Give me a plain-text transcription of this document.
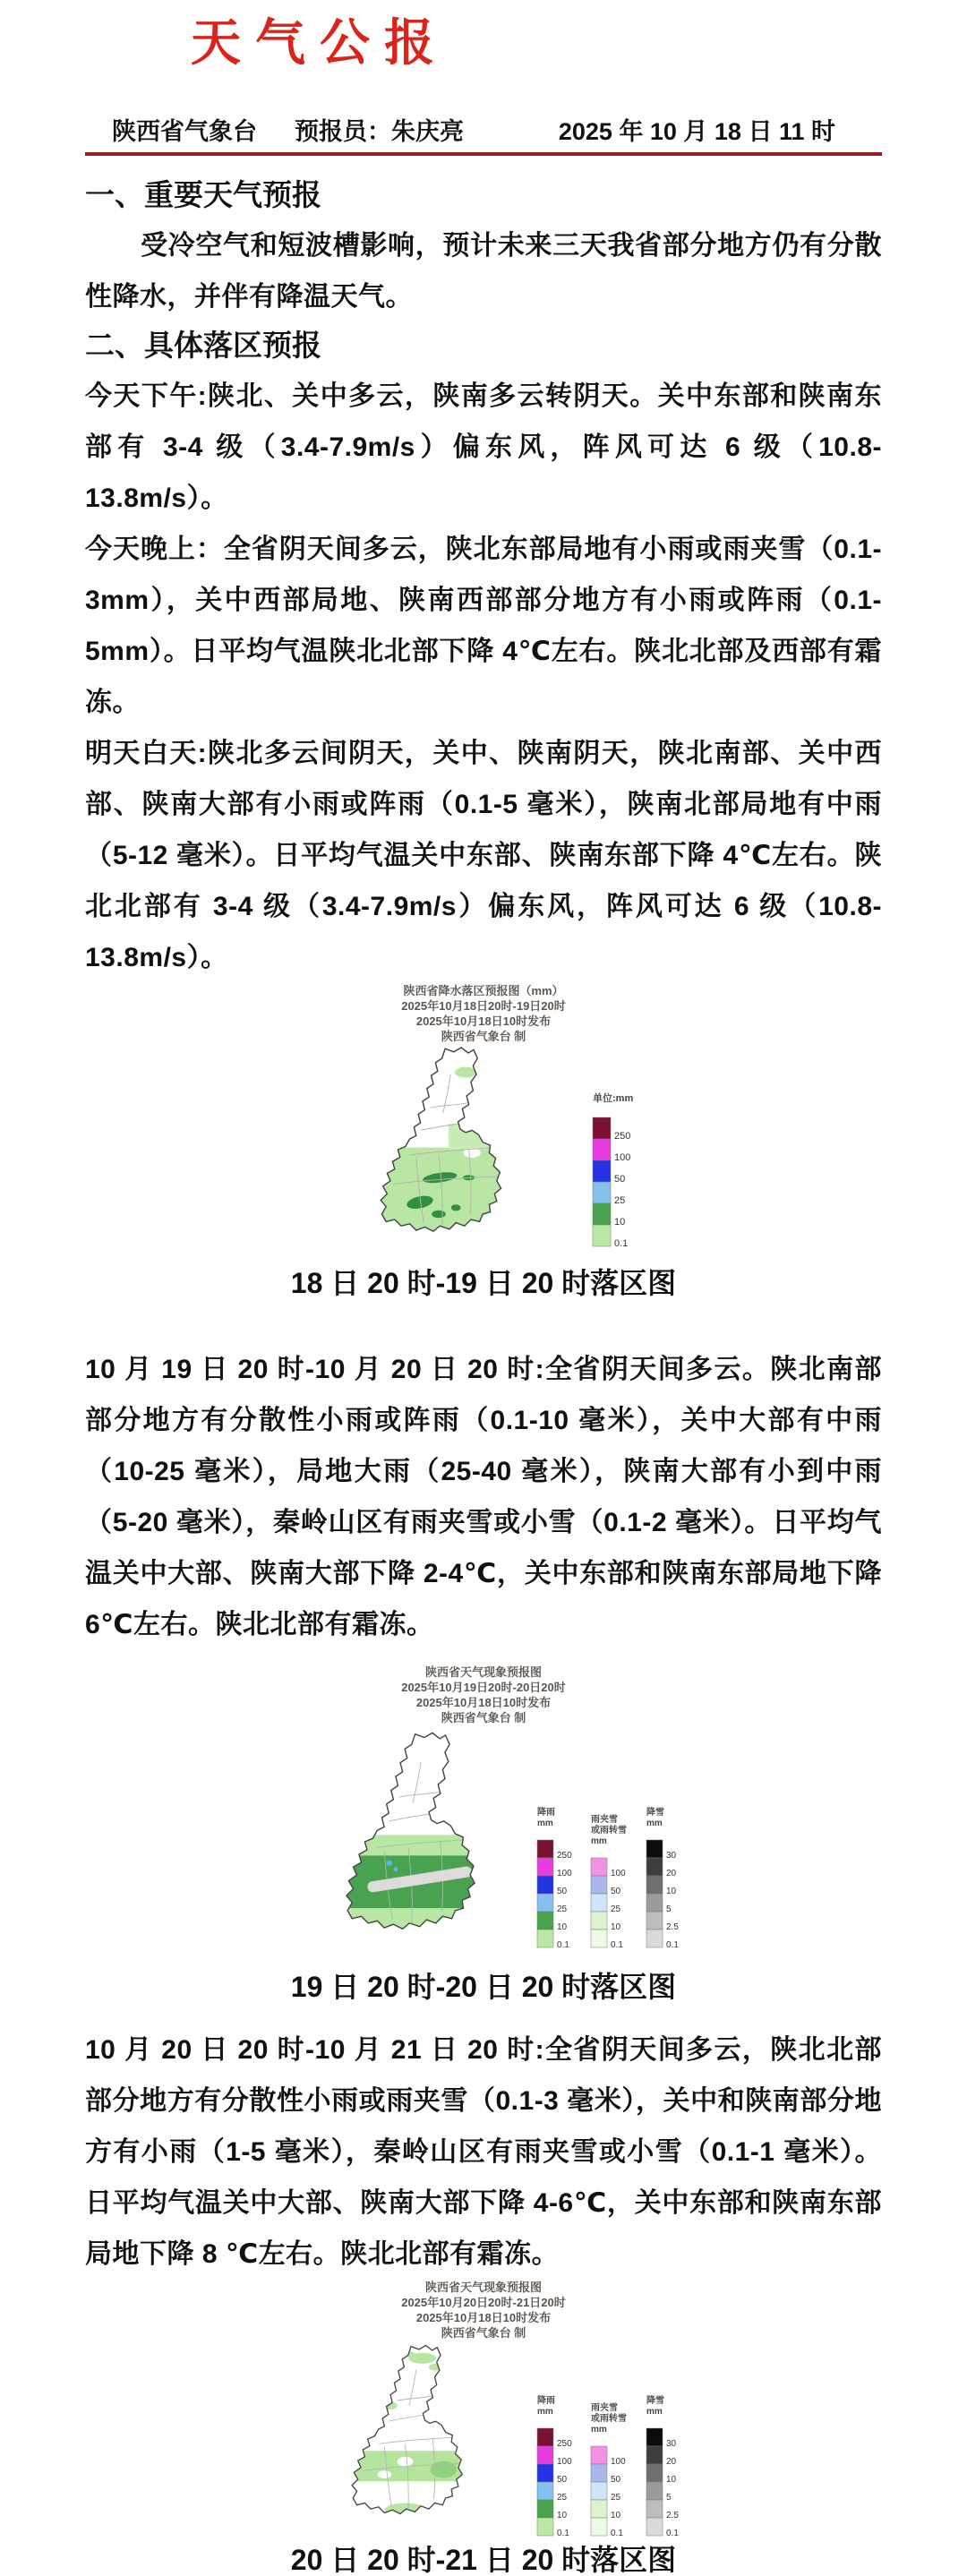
天气公报
陕西省气象台 预报员：朱庆亮	2025 年 10 月 18 日 11 时
一、重要天气预报

受冷空气和短波槽影响，预计未来三天我省部分地方仍有分散性降水，并伴有降温天气。

二、具体落区预报

今天下午:陕北、关中多云，陕南多云转阴天。关中东部和陕南东部有 3-4 级（3.4-7.9m/s）偏东风，阵风可达 6 级（10.8-13.8m/s）。

今天晚上：全省阴天间多云，陕北东部局地有小雨或雨夹雪（0.1-3mm），关中西部局地、陕南西部部分地方有小雨或阵雨（0.1-5mm）。日平均气温陕北北部下降 4℃左右。陕北北部及西部有霜冻。

明天白天:陕北多云间阴天，关中、陕南阴天，陕北南部、关中西部、陕南大部有小雨或阵雨（0.1-5 毫米），陕南北部局地有中雨（5-12 毫米）。日平均气温关中东部、陕南东部下降 4℃左右。陕北北部有 3-4 级（3.4-7.9m/s）偏东风，阵风可达 6 级（10.8-13.8m/s）。

陕西省降水落区预报图（mm）
2025年10月18日20时-19日20时
2025年10月18日10时发布
陕西省气象台 制
单位:mm
250
100
50
25
10
0.1
18 日 20 时-19 日 20 时落区图

10 月 19 日 20 时-10 月 20 日 20 时:全省阴天间多云。陕北南部部分地方有分散性小雨或阵雨（0.1-10 毫米），关中大部有中雨（10-25 毫米），局地大雨（25-40 毫米），陕南大部有小到中雨（5-20 毫米），秦岭山区有雨夹雪或小雪（0.1-2 毫米）。日平均气温关中大部、陕南大部下降 2-4℃，关中东部和陕南东部局地下降 6℃左右。陕北北部有霜冻。

陕西省天气现象预报图
2025年10月19日20时-20日20时
2025年10月18日10时发布
陕西省气象台 制
降雨
mm
250
100
50
25
10
0.1
雨夹雪
或雨转雪
mm
100
50
25
10
0.1
降雪
mm
30
20
10
5
2.5
0.1
19 日 20 时-20 日 20 时落区图

10 月 20 日 20 时-10 月 21 日 20 时:全省阴天间多云，陕北北部部分地方有分散性小雨或雨夹雪（0.1-3 毫米），关中和陕南部分地方有小雨（1-5 毫米），秦岭山区有雨夹雪或小雪（0.1-1 毫米）。日平均气温关中大部、陕南大部下降 4-6℃，关中东部和陕南东部局地下降 8 ℃左右。陕北北部有霜冻。

陕西省天气现象预报图
2025年10月20日20时-21日20时
2025年10月18日10时发布
陕西省气象台 制
降雨
mm
250
100
50
25
10
0.1
雨夹雪
或雨转雪
mm
100
50
25
10
0.1
降雪
mm
30
20
10
5
2.5
0.1
20 日 20 时-21 日 20 时落区图
